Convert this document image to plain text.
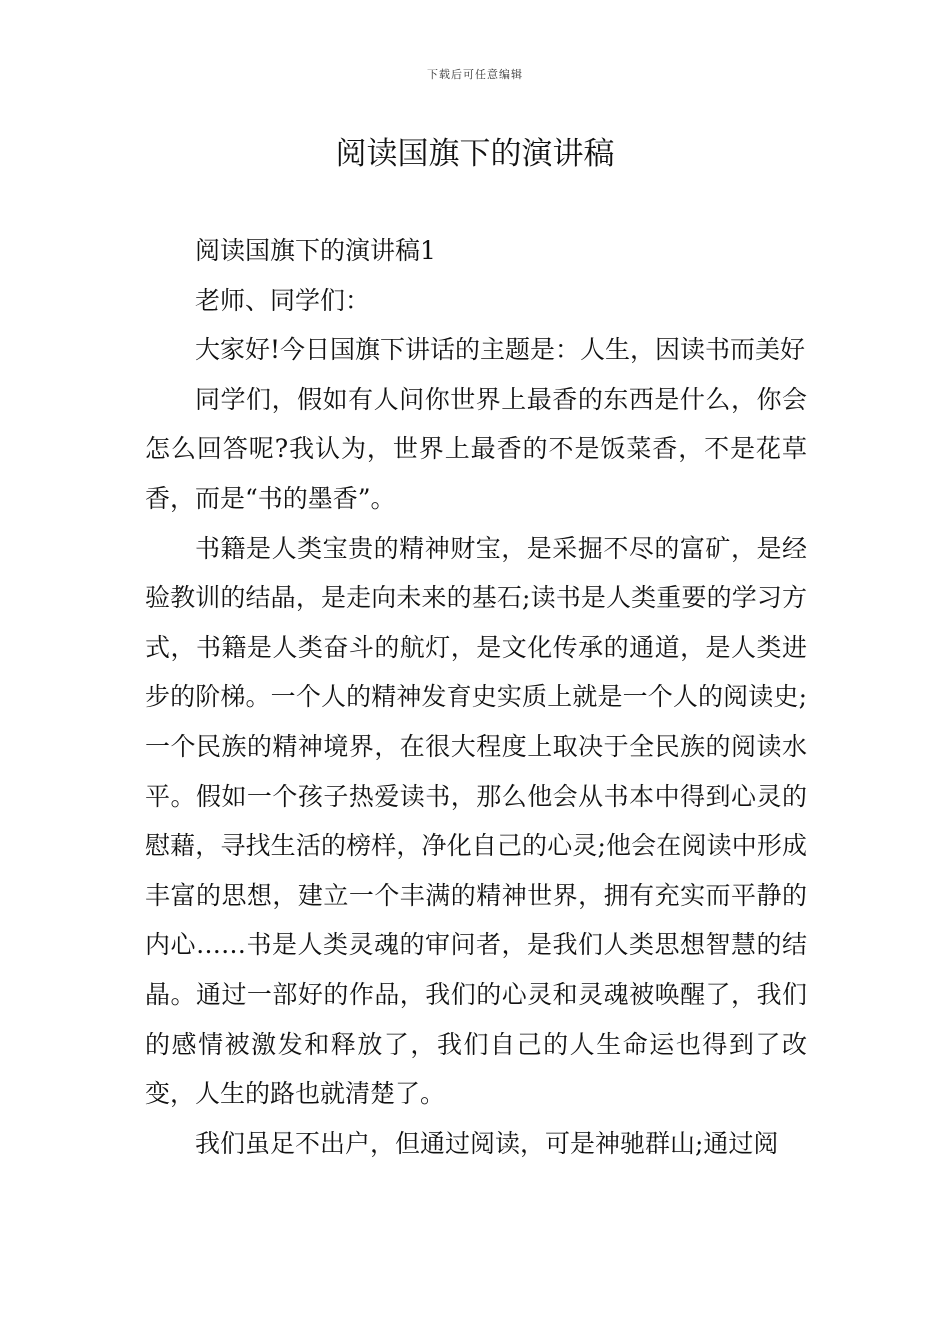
下载后可任意编辑
阅读国旗下的演讲稿

阅读国旗下的演讲稿1

老师、同学们：

大家好!今日国旗下讲话的主题是：人生，因读书而美好

同学们，假如有人问你世界上最香的东西是什么，你会怎么回答呢?我认为，世界上最香的不是饭菜香，不是花草香，而是“书的墨香”。

书籍是人类宝贵的精神财宝，是采掘不尽的富矿，是经验教训的结晶，是走向未来的基石;读书是人类重要的学习方式，书籍是人类奋斗的航灯，是文化传承的通道，是人类进步的阶梯。一个人的精神发育史实质上就是一个人的阅读史;一个民族的精神境界，在很大程度上取决于全民族的阅读水平。假如一个孩子热爱读书，那么他会从书本中得到心灵的慰藉，寻找生活的榜样，净化自己的心灵;他会在阅读中形成丰富的思想，建立一个丰满的精神世界，拥有充实而平静的内心……书是人类灵魂的审问者，是我们人类思想智慧的结晶。通过一部好的作品，我们的心灵和灵魂被唤醒了，我们的感情被激发和释放了，我们自己的人生命运也得到了改变，人生的路也就清楚了。

我们虽足不出户，但通过阅读，可是神驰群山;通过阅
